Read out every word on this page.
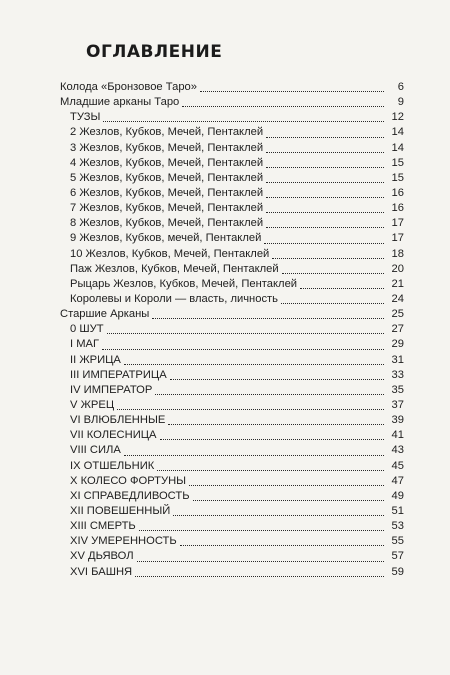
ОГЛАВЛЕНИЕ
Колода «Бронзовое Таро»	6
Младшие арканы Таро	9
ТУЗЫ	12
2 Жезлов, Кубков, Мечей, Пентаклей	14
3 Жезлов, Кубков, Мечей, Пентаклей	14
4 Жезлов, Кубков, Мечей, Пентаклей	15
5 Жезлов, Кубков, Мечей, Пентаклей	15
6 Жезлов, Кубков, Мечей, Пентаклей	16
7 Жезлов, Кубков, Мечей, Пентаклей	16
8 Жезлов, Кубков, Мечей, Пентаклей	17
9 Жезлов, Кубков, мечей, Пентаклей	17
10 Жезлов, Кубков, Мечей, Пентаклей	18
Паж Жезлов, Кубков, Мечей, Пентаклей	20
Рыцарь Жезлов, Кубков, Мечей, Пентаклей	21
Королевы и Короли — власть, личность	24
Старшие Арканы	25
0 ШУТ	27
I МАГ	29
II ЖРИЦА	31
III ИМПЕРАТРИЦА	33
IV ИМПЕРАТОР	35
V ЖРЕЦ	37
VI ВЛЮБЛЕННЫЕ	39
VII КОЛЕСНИЦА	41
VIII СИЛА	43
IX ОТШЕЛЬНИК	45
X КОЛЕСО ФОРТУНЫ	47
XI СПРАВЕДЛИВОСТЬ	49
XII ПОВЕШЕННЫЙ	51
XIII СМЕРТЬ	53
XIV УМЕРЕННОСТЬ	55
XV ДЬЯВОЛ	57
XVI БАШНЯ	59
